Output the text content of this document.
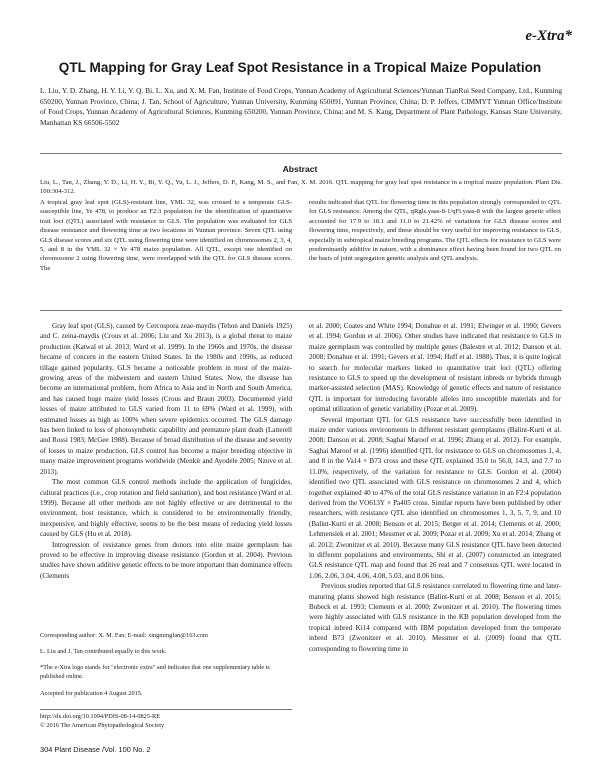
e-Xtra*
QTL Mapping for Gray Leaf Spot Resistance in a Tropical Maize Population
L. Liu, Y. D. Zhang, H. Y. Li, Y. Q. Bi, L. Xu, and X. M. Fan, Institute of Food Crops, Yunnan Academy of Agricultural Sciences/Yunnan TianRui Seed Company, Ltd., Kunming 650200, Yunnan Province, China; J. Tan, School of Agriculture, Yunnan University, Kunming 650091, Yunnan Province, China; D. P. Jeffers, CIMMYT Yunnan Office/Institute of Food Crops, Yunnan Academy of Agricultural Sciences, Kunming 650200, Yunnan Province, China; and M. S. Kang, Department of Plant Pathology, Kansas State University, Manhattan KS 66506-5502
Abstract
Liu, L., Tan, J., Zhang, Y. D., Li, H. Y., Bi, Y. Q., Yu, L. J., Jeffers, D. P., Kang, M. S., and Fan, X. M. 2016. QTL mapping for gray leaf spot resistance in a tropical maize population. Plant Dis. 100:304-312.
A tropical gray leaf spot (GLS)-resistant line, YML 32, was crossed to a temperate GLS-susceptible line, Ye 478, to produce an F2:3 population for the identification of quantitative trait loci (QTL) associated with resistance to GLS. The population was evaluated for GLS disease resistance and flowering time at two locations in Yunnan province. Seven QTL using GLS disease scores and six QTL using flowering time were identified on chromosomes 2, 3, 4, 5, and 8 in the YML 32 × Ye 478 maize population. All QTL, except one identified on chromosome 2 using flowering time, were overlapped with the QTL for GLS disease scores. The
results indicated that QTL for flowering time in this population strongly corresponded to QTL for GLS resistance. Among the QTL, qRgls.yaas-8-1/qFt.yaas-8 with the largest genetic effect accounted for 17.9 to 18.1 and 11.0 to 21.42% of variations for GLS disease scores and flowering time, respectively, and these should be very useful for improving resistance to GLS, especially in subtropical maize breeding programs. The QTL effects for resistance to GLS were predominantly additive in nature, with a dominance effect having been found for two QTL on the basis of joint segregation genetic analysis and QTL analysis.

Gray leaf spot (GLS), caused by Cercospora zeae-maydis (Tehon and Daniels 1925) and C. zeina-maydis (Crous et al. 2006; Liu and Xu 2013), is a global threat to maize production (Katwal et al. 2013; Ward et al. 1999). In the 1960s and 1970s, the disease became of concern in the eastern United States. In the 1980s and 1990s, as reduced tillage gained popularity, GLS became a noticeable problem in most of the maize-growing areas of the midwestern and eastern United States. Now, the disease has become an international problem, from Africa to Asia and in North and South America, and has caused huge maize yield losses (Crous and Braun 2003). Documented yield losses of maize attributed to GLS varied from 11 to 69% (Ward et al. 1999), with estimated losses as high as 100% when severe epidemics occurred. The GLS damage has been linked to loss of photosynthetic capability and premature plant death (Latterell and Rossi 1983; McGee 1988). Because of broad distribution of the disease and severity of losses to maize production, GLS control has become a major breeding objective in many maize improvement programs worldwide (Menkir and Ayodele 2005; Nzuve et al. 2013).

The most common GLS control methods include the application of fungicides, cultural practices (i.e., crop rotation and field sanitation), and host resistance (Ward et al. 1999). Because all other methods are not highly effective or are detrimental to the environment, host resistance, which is considered to be environmentally friendly, inexpensive, and highly effective, seems to be the best means of reducing yield losses caused by GLS (Hu et al. 2018).

Introgression of resistance genes from donors into elite maize germplasm has proved to be effective in improving disease resistance (Gordon et al. 2004). Previous studies have shown additive genetic effects to be more important than dominance effects (Clements

et al. 2000; Coates and White 1994; Donahue et al. 1991; Elwinger et al. 1990; Gevers et al. 1994; Gordon et al. 2006). Other studies have indicated that resistance to GLS in maize germplasm was controlled by multiple genes (Balestre et al. 2012; Danson et al. 2008; Donahue et al. 1991; Gevers et al. 1994; Huff et al. 1988). Thus, it is quite logical to search for molecular markers linked to quantitative trait loci (QTL) offering resistance to GLS to speed up the development of resistant inbreds or hybrids through marker-assisted selection (MAS). Knowledge of genetic effects and nature of resistance QTL is important for introducing favorable alleles into susceptible materials and for optimal utilization of genetic variability (Pozar et al. 2009).

Several important QTL for GLS resistance have successfully been identified in maize under various environments in different resistant germplasms (Balint-Kurti et al. 2008; Danson et al. 2008; Saghai Maroof et al. 1996; Zhang et al. 2012). For example, Saghai Maroof et al. (1996) identified QTL for resistance to GLS on chromosomes 1, 4, and 8 in the Va14 × B73 cross and these QTL explained 35.0 to 56.0, 14.3, and 7.7 to 11.0%, respectively, of the variation for resistance to GLS. Gordon et al. (2004) identified two QTL associated with GLS resistance on chromosomes 2 and 4, which together explained 40 to 47% of the total GLS resistance variation in an F2:4 population derived from the VO613Y × Pa405 cross. Similar reports have been published by other researchers, with resistance QTL also identified on chromosomes 1, 3, 5, 7, 9, and 10 (Balint-Kurti et al. 2008; Benson et al. 2015; Berger et al. 2014; Clements et al. 2000; Lehmensiek et al. 2001; Messmer et al. 2009; Pozar et al. 2009; Xu et al. 2014; Zhang et al. 2012; Zwonitzer et al. 2010). Because many GLS resistance QTL have been detected in different populations and environments, Shi et al. (2007) constructed an integrated GLS resistance QTL map and found that 26 real and 7 consensus QTL were located in 1.06, 2.06, 3.04, 4.06, 4.08, 5.03, and 8.06 bins.

Previous studies reported that GLS resistance correlated to flowering time and later-maturing plants showed high resistance (Balint-Kurti et al. 2008; Benson et al. 2015; Bubeck et al. 1993; Clements et al. 2000; Zwonitzer et al. 2010). The flowering times were highly associated with GLS resistance in the KB population developed from the tropical inbred Ki14 compared with IBM population developed from the temperate inbred B73 (Zwonitzer et al. 2010). Messmer et al. (2009) found that QTL corresponding to flowering time in

Corresponding author: X. M. Fan; E-mail: xingmingfan@163.com
L. Liu and J. Tan contributed equally to this work.
*The e-Xtra logo stands for "electronic extra" and indicates that one supplementary table is published online.
Accepted for publication 4 August 2015.
http://dx.doi.org/10.1094/PDIS-08-14-0825-RE
© 2016 The American Phytopathological Society
304 Plant Disease /Vol. 100 No. 2
